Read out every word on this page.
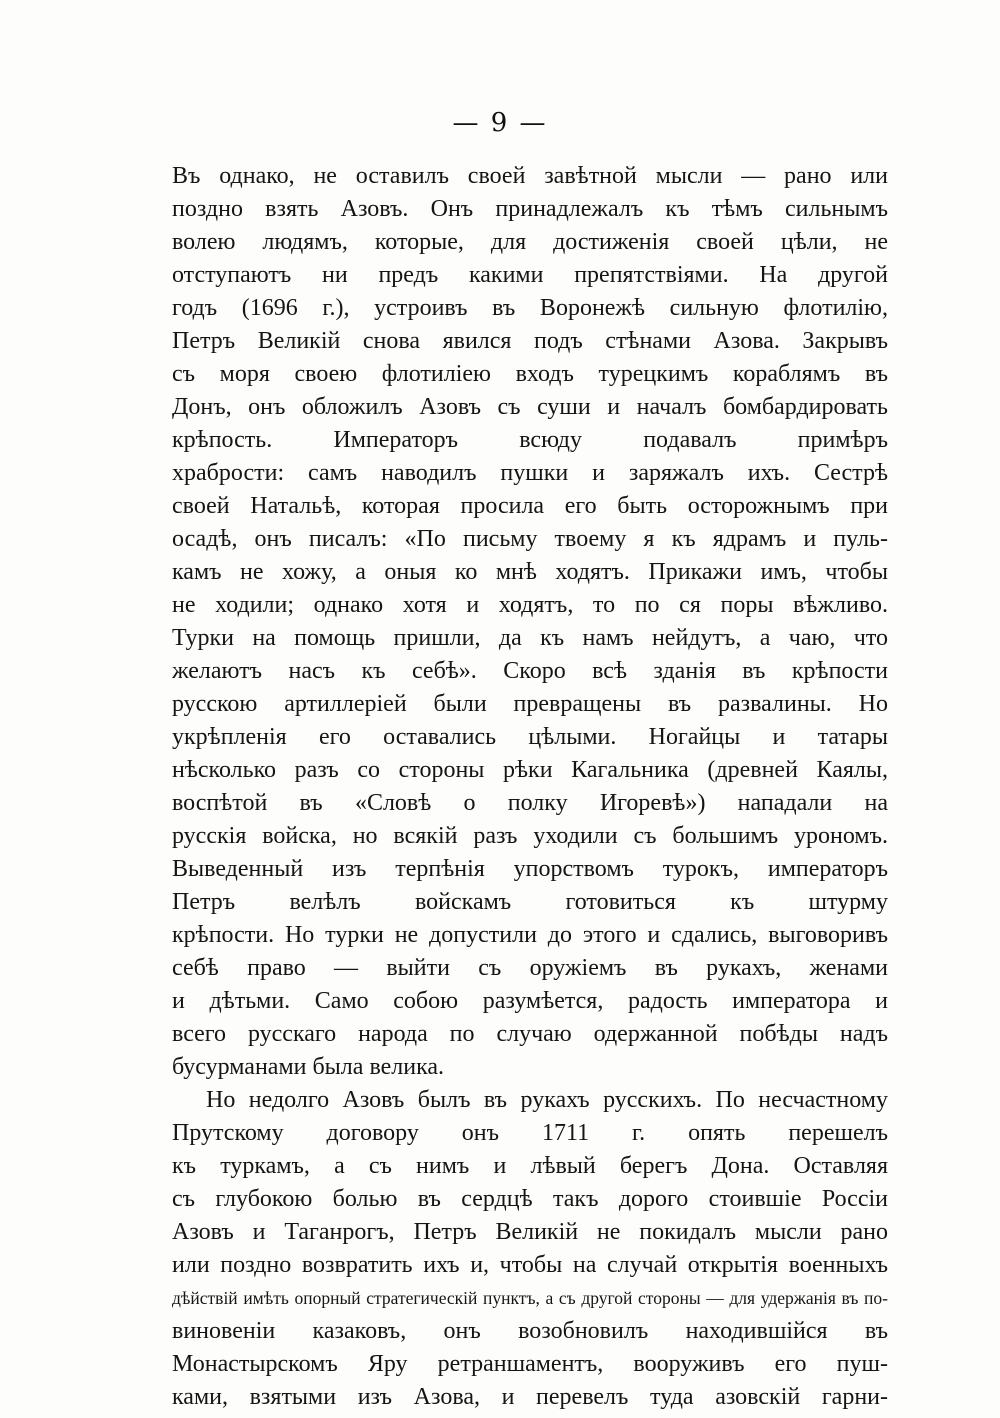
— 9 —
Въ однако, не оставилъ своей завѣтной мысли — рано или
поздно взять Азовъ. Онъ принадлежалъ къ тѣмъ сильнымъ
волею людямъ, которые, для достиженія своей цѣли, не
отступаютъ ни предъ какими препятствіями. На другой
годъ (1696 г.), устроивъ въ Воронежѣ сильную флотилію,
Петръ Великій снова явился подъ стѣнами Азова. Закрывъ
съ моря своею флотиліею входъ турецкимъ кораблямъ въ
Донъ, онъ обложилъ Азовъ съ суши и началъ бомбардировать
крѣпость. Императоръ всюду подавалъ примѣръ
храбрости: самъ наводилъ пушки и заряжалъ ихъ. Сестрѣ
своей Натальѣ, которая просила его быть осторожнымъ при
осадѣ, онъ писалъ: «По письму твоему я къ ядрамъ и пуль-
камъ не хожу, а оныя ко мнѣ ходятъ. Прикажи имъ, чтобы
не ходили; однако хотя и ходятъ, то по ся поры вѣжливо.
Турки на помощь пришли, да къ намъ нейдутъ, а чаю, что
желаютъ насъ къ себѣ». Скоро всѣ зданія въ крѣпости
русскою артиллеріей были превращены въ развалины. Но
укрѣпленія его оставались цѣлыми. Ногайцы и татары
нѣсколько разъ со стороны рѣки Кагальника (древней Каялы,
воспѣтой въ «Словѣ о полку Игоревѣ») нападали на
русскія войска, но всякій разъ уходили съ большимъ урономъ.
Выведенный изъ терпѣнія упорствомъ турокъ, императоръ
Петръ велѣлъ войскамъ готовиться къ штурму
крѣпости. Но турки не допустили до этого и сдались, выговоривъ
себѣ право — выйти съ оружіемъ въ рукахъ, женами
и дѣтьми. Само собою разумѣется, радость императора и
всего русскаго народа по случаю одержанной побѣды надъ
бусурманами была велика.
Но недолго Азовъ былъ въ рукахъ русскихъ. По несчастному
Прутскому договору онъ 1711 г. опять перешелъ
къ туркамъ, а съ нимъ и лѣвый берегъ Дона. Оставляя
съ глубокою болью въ сердцѣ такъ дорого стоившіе Россіи
Азовъ и Таганрогъ, Петръ Великій не покидалъ мысли рано
или поздно возвратить ихъ и, чтобы на случай открытія военныхъ
дѣйствій имѣть опорный стратегическій пунктъ, а съ другой стороны — для удержанія въ по-
виновеніи казаковъ, онъ возобновилъ находившійся въ
Монастырскомъ Яру ретраншаментъ, вооруживъ его пуш-
ками, взятыми изъ Азова, и перевелъ туда азовскій гарни-
